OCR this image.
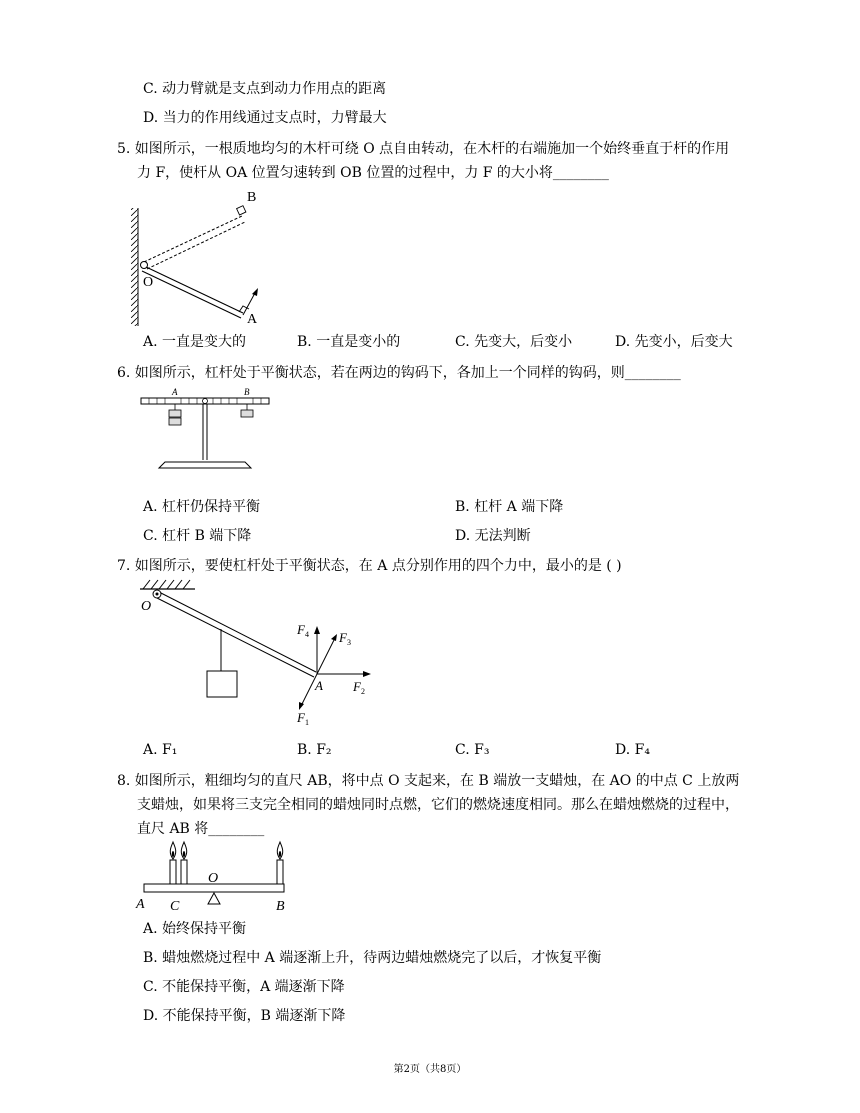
C. 动力臂就是支点到动力作用点的距离
D. 当力的作用线通过支点时，力臂最大
5. 如图所示，一根质地均匀的木杆可绕 O 点自由转动，在木杆的右端施加一个始终垂直于杆的作用
力 F，使杆从 OA 位置匀速转到 OB 位置的过程中，力 F 的大小将________
B
O
A
A. 一直是变大的	B. 一直是变小的	C. 先变大，后变小	D. 先变小，后变大
6. 如图所示，杠杆处于平衡状态，若在两边的钩码下，各加上一个同样的钩码，则________
A	B
A. 杠杆仍保持平衡	B. 杠杆 A 端下降
C. 杠杆 B 端下降	D. 无法判断
7. 如图所示，要使杠杆处于平衡状态，在 A 点分别作用的四个力中，最小的是 ( )
O
A
F 4 F 3
F 2
F 1
A. F₁	B. F₂	C. F₃	D. F₄
8. 如图所示，粗细均匀的直尺 AB，将中点 O 支起来，在 B 端放一支蜡烛，在 AO 的中点 C 上放两
支蜡烛，如果将三支完全相同的蜡烛同时点燃，它们的燃烧速度相同。那么在蜡烛燃烧的过程中，
直尺 AB 将________
O
A C	B
A. 始终保持平衡
B. 蜡烛燃烧过程中 A 端逐渐上升，待两边蜡烛燃烧完了以后，才恢复平衡
C. 不能保持平衡，A 端逐渐下降
D. 不能保持平衡，B 端逐渐下降
第2页（共8页）
